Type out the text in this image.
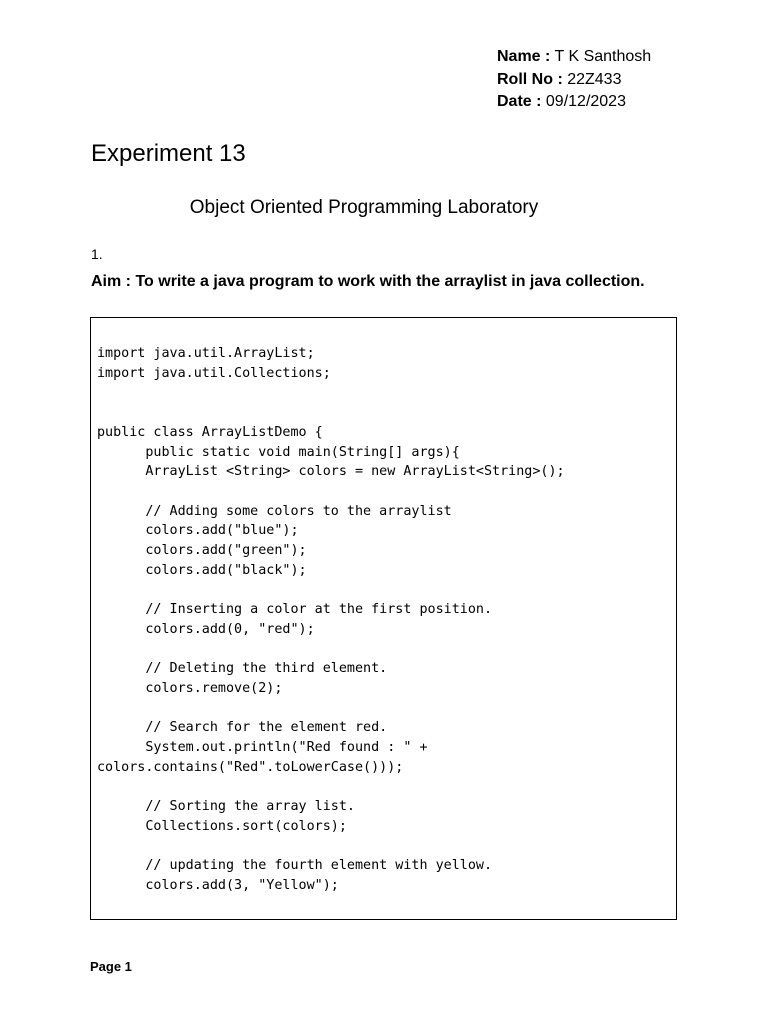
Name : T K Santhosh
Roll No : 22Z433
Date : 09/12/2023
Experiment 13
Object Oriented Programming Laboratory
1.
Aim : To write a java program to work with the arraylist in java collection.
import java.util.ArrayList;
import java.util.Collections;

public class ArrayListDemo {
public static void main(String[] args){
ArrayList <String> colors = new ArrayList<String>();

// Adding some colors to the arraylist
colors.add("blue");
colors.add("green");
colors.add("black");

// Inserting a color at the first position.
colors.add(0, "red");

// Deleting the third element.
colors.remove(2);

// Search for the element red.
System.out.println("Red found : " +
colors.contains("Red".toLowerCase()));

// Sorting the array list.
Collections.sort(colors);

// updating the fourth element with yellow.
colors.add(3, "Yellow");
Page 1
